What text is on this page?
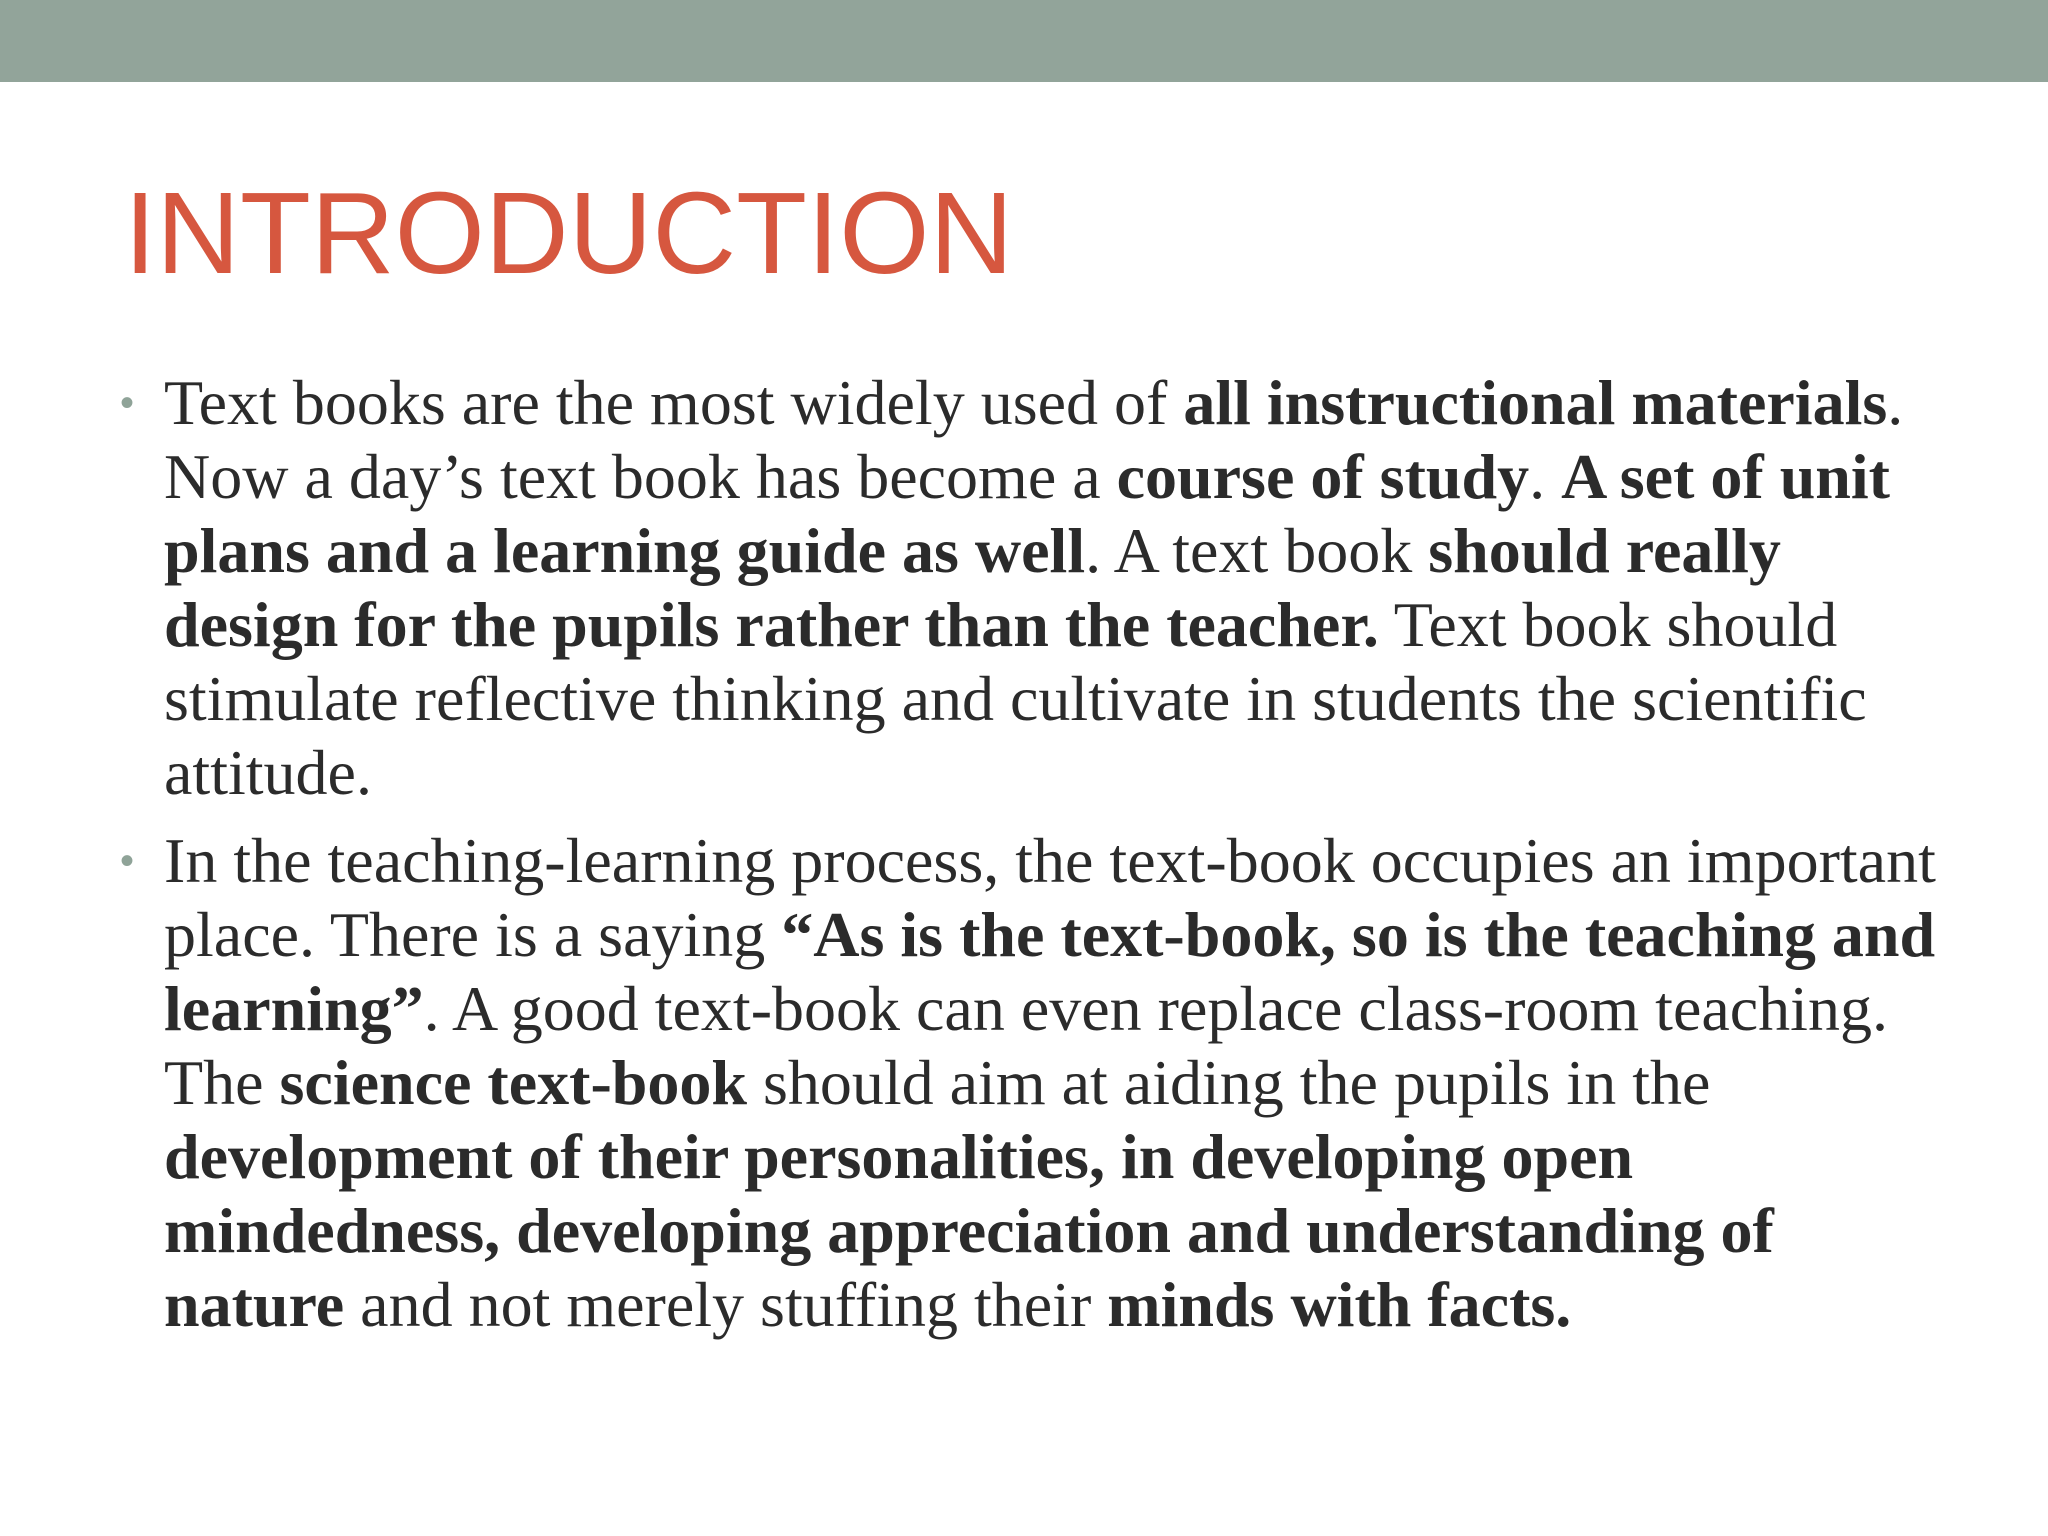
INTRODUCTION
• Text books are the most widely used of all instructional materials. Now a day’s text book has become a course of study. A set of unit plans and a learning guide as well. A text book should really design for the pupils rather than the teacher. Text book should stimulate reflective thinking and cultivate in students the scientific attitude.
• In the teaching-learning process, the text-book occupies an important place. There is a saying “As is the text-book, so is the teaching and learning”. A good text-book can even replace class-room teaching. The science text-book should aim at aiding the pupils in the development of their personalities, in developing open mindedness, developing appreciation and understanding of nature and not merely stuffing their minds with facts.
